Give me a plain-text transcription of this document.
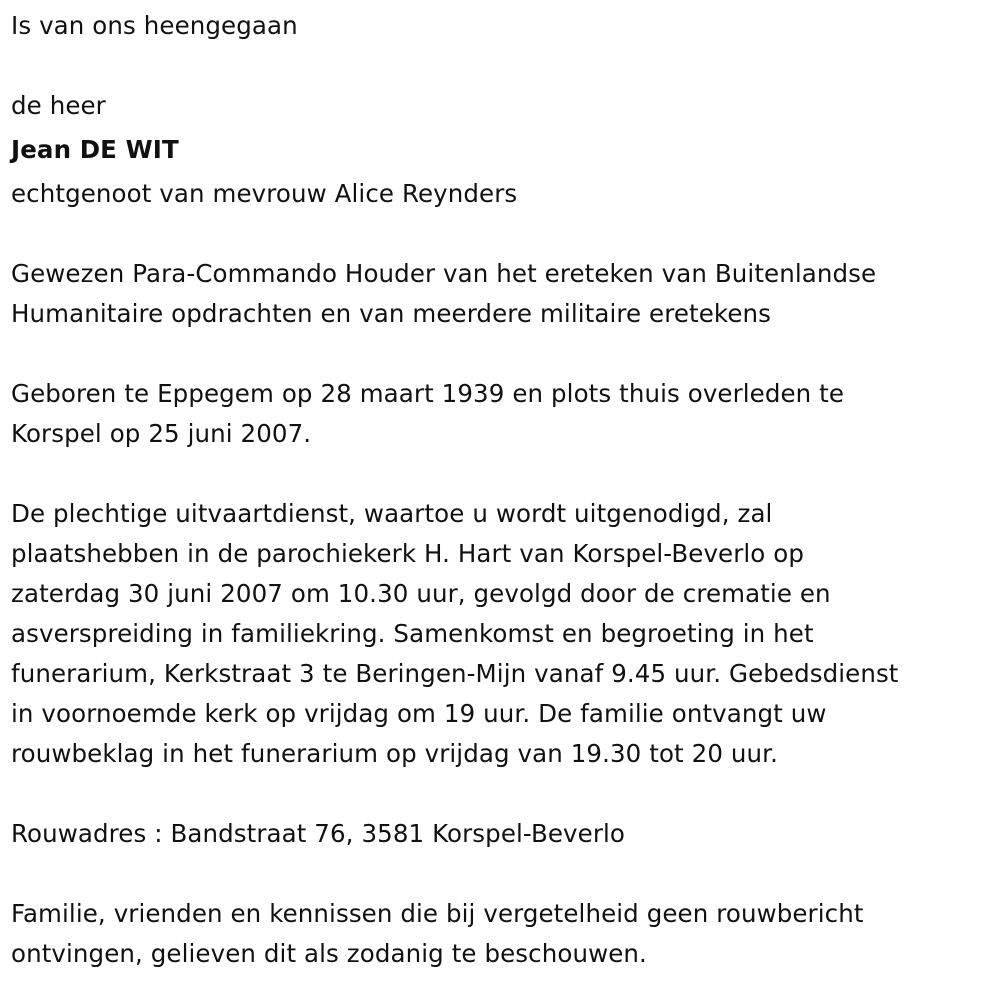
Is van ons heengegaan

de heer

Jean DE WIT

echtgenoot van mevrouw Alice Reynders

Gewezen Para-Commando Houder van het ereteken van Buitenlandse

Humanitaire opdrachten en van meerdere militaire eretekens

Geboren te Eppegem op 28 maart 1939 en plots thuis overleden te

Korspel op 25 juni 2007.

De plechtige uitvaartdienst, waartoe u wordt uitgenodigd, zal

plaatshebben in de parochiekerk H. Hart van Korspel-Beverlo op

zaterdag 30 juni 2007 om 10.30 uur, gevolgd door de crematie en

asverspreiding in familiekring. Samenkomst en begroeting in het

funerarium, Kerkstraat 3 te Beringen-Mijn vanaf 9.45 uur. Gebedsdienst

in voornoemde kerk op vrijdag om 19 uur. De familie ontvangt uw

rouwbeklag in het funerarium op vrijdag van 19.30 tot 20 uur.

Rouwadres : Bandstraat 76, 3581 Korspel-Beverlo

Familie, vrienden en kennissen die bij vergetelheid geen rouwbericht

ontvingen, gelieven dit als zodanig te beschouwen.
